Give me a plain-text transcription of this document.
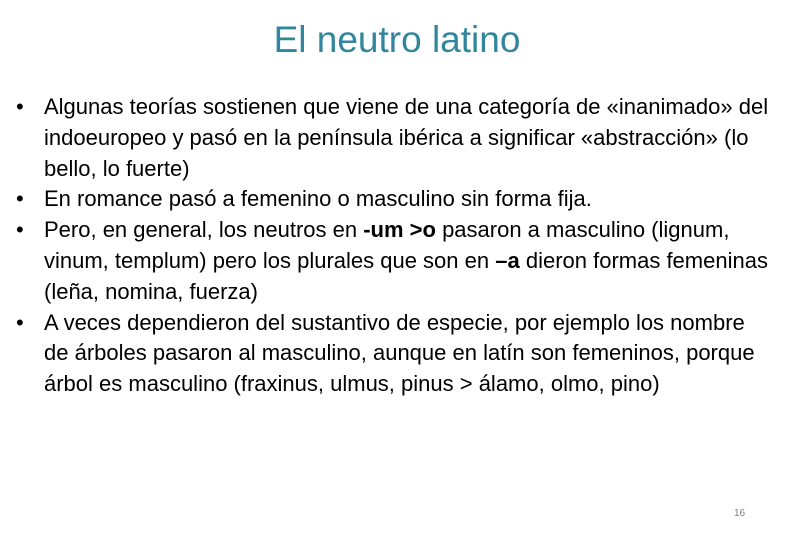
El neutro latino
• Algunas teorías sostienen que viene de una categoría de «inanimado» del indoeuropeo y pasó en la península ibérica a significar «abstracción» (lo bello, lo fuerte)
• En romance pasó a femenino o masculino sin forma fija.
• Pero, en general, los neutros en -um >o pasaron a masculino (lignum, vinum, templum) pero los plurales que son en –a dieron formas femeninas (leña, nomina, fuerza)
• A veces dependieron del sustantivo de especie, por ejemplo los nombre de árboles pasaron al masculino, aunque en latín son femeninos, porque árbol es masculino (fraxinus, ulmus, pinus > álamo, olmo, pino)
16
